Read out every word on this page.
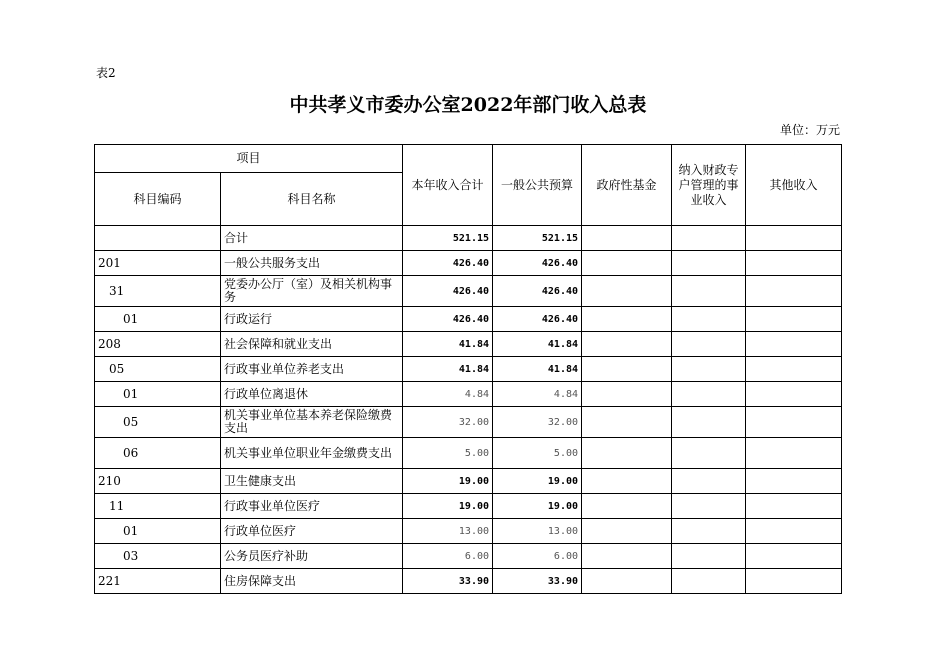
表2
中共孝义市委办公室2022年部门收入总表
单位：万元
项目		本年收入合计	一般公共预算	政府性基金	纳入财政专户管理的事业收入	其他收入
科目编码	科目名称					
	合计	521.15	521.15			
201	一般公共服务支出	426.40	426.40			
31	党委办公厅（室）及相关机构事务	426.40	426.40			
01	行政运行	426.40	426.40			
208	社会保障和就业支出	41.84	41.84			
05	行政事业单位养老支出	41.84	41.84			
01	行政单位离退休	4.84	4.84			
05	机关事业单位基本养老保险缴费支出	32.00	32.00			
06	机关事业单位职业年金缴费支出	5.00	5.00			
210	卫生健康支出	19.00	19.00			
11	行政事业单位医疗	19.00	19.00			
01	行政单位医疗	13.00	13.00			
03	公务员医疗补助	6.00	6.00			
221	住房保障支出	33.90	33.90			
